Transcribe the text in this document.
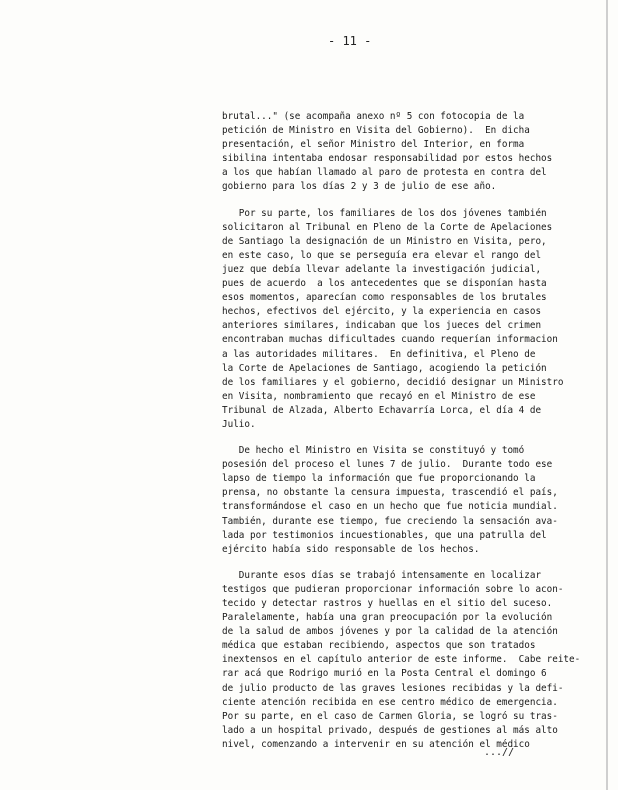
- 11 -
brutal..." (se acompaña anexo nº 5 con fotocopia de la
petición de Ministro en Visita del Gobierno).  En dicha
presentación, el señor Ministro del Interior, en forma
sibilina intentaba endosar responsabilidad por estos hechos
a los que habían llamado al paro de protesta en contra del
gobierno para los días 2 y 3 de julio de ese año.
Por su parte, los familiares de los dos jóvenes también
solicitaron al Tribunal en Pleno de la Corte de Apelaciones
de Santiago la designación de un Ministro en Visita, pero,
en este caso, lo que se perseguía era elevar el rango del
juez que debía llevar adelante la investigación judicial,
pues de acuerdo  a los antecedentes que se disponían hasta
esos momentos, aparecían como responsables de los brutales
hechos, efectivos del ejército, y la experiencia en casos
anteriores similares, indicaban que los jueces del crimen
encontraban muchas dificultades cuando requerían informacion
a las autoridades militares.  En definitiva, el Pleno de
la Corte de Apelaciones de Santiago, acogiendo la petición
de los familiares y el gobierno, decidió designar un Ministro
en Visita, nombramiento que recayó en el Ministro de ese
Tribunal de Alzada, Alberto Echavarría Lorca, el día 4 de
Julio.
De hecho el Ministro en Visita se constituyó y tomó
posesión del proceso el lunes 7 de julio.  Durante todo ese
lapso de tiempo la información que fue proporcionando la
prensa, no obstante la censura impuesta, trascendió el país,
transformándose el caso en un hecho que fue noticia mundial.
También, durante ese tiempo, fue creciendo la sensación ava-
lada por testimonios incuestionables, que una patrulla del
ejército había sido responsable de los hechos.
Durante esos días se trabajó intensamente en localizar
testigos que pudieran proporcionar información sobre lo acon-
tecido y detectar rastros y huellas en el sitio del suceso.
Paralelamente, había una gran preocupación por la evolución
de la salud de ambos jóvenes y por la calidad de la atención
médica que estaban recibiendo, aspectos que son tratados
inextensos en el capítulo anterior de este informe.  Cabe reite-
rar acá que Rodrigo murió en la Posta Central el domingo 6
de julio producto de las graves lesiones recibidas y la defi-
ciente atención recibida en ese centro médico de emergencia.
Por su parte, en el caso de Carmen Gloria, se logró su tras-
lado a un hospital privado, después de gestiones al más alto
nivel, comenzando a intervenir en su atención el médico
...//
